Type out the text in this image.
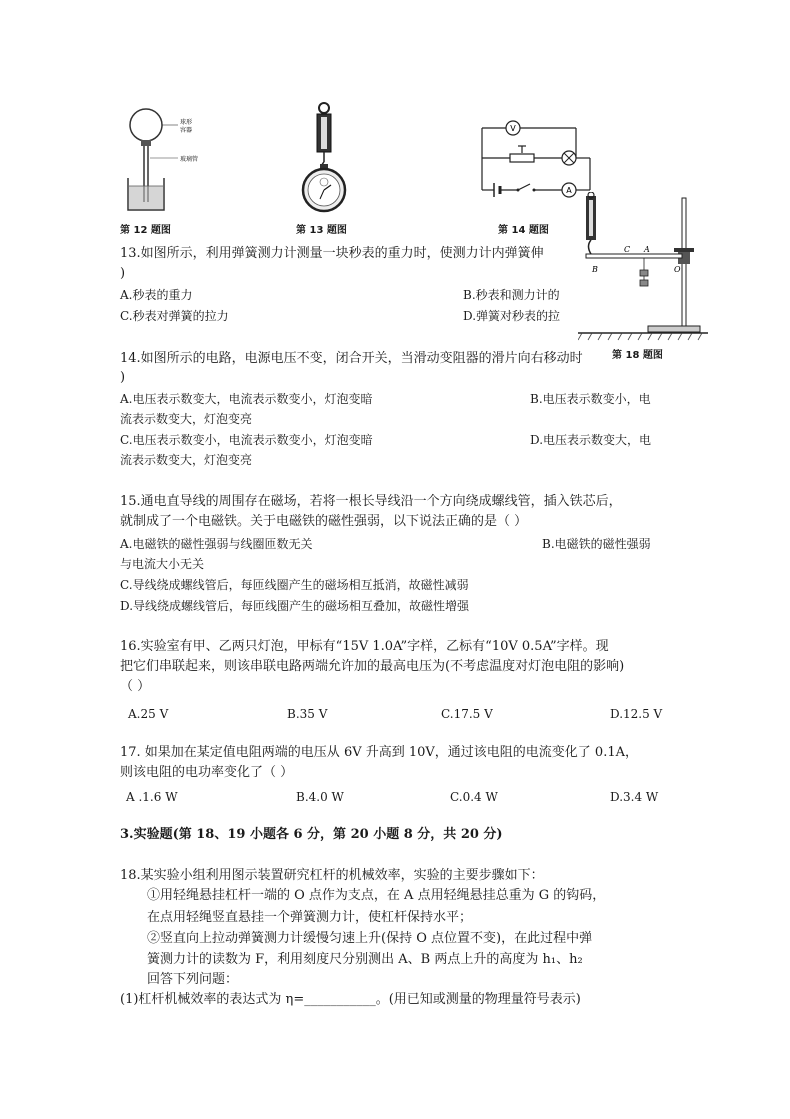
球形
容器
玻璃管
第 12 题图	第 13 题图
V
A
第 14 题图
B
C A
O
第 18 题图
13.如图所示，利用弹簧测力计测量一块秒表的重力时，使测力计内弹簧伸
)
A.秒表的重力	B.秒表和测力计的
C.秒表对弹簧的拉力	D.弹簧对秒表的拉
14.如图所示的电路，电源电压不变，闭合开关，当滑动变阻器的滑片向右移动时
)
A.电压表示数变大，电流表示数变小，灯泡变暗	B.电压表示数变小，电
流表示数变大，灯泡变亮
C.电压表示数变小，电流表示数变小，灯泡变暗	D.电压表示数变大，电
流表示数变大，灯泡变亮
15.通电直导线的周围存在磁场，若将一根长导线沿一个方向绕成螺线管，插入铁芯后，
就制成了一个电磁铁。关于电磁铁的磁性强弱，以下说法正确的是（ ）
A.电磁铁的磁性强弱与线圈匝数无关	B.电磁铁的磁性强弱
与电流大小无关
C.导线绕成螺线管后，每匝线圈产生的磁场相互抵消，故磁性减弱
D.导线绕成螺线管后，每匝线圈产生的磁场相互叠加，故磁性增强
16.实验室有甲、乙两只灯泡，甲标有“15V 1.0A”字样，乙标有“10V 0.5A”字样。现
把它们串联起来，则该串联电路两端允许加的最高电压为(不考虑温度对灯泡电阻的影响)
（ ）
A.25 V	B.35 V	C.17.5 V	D.12.5 V
17. 如果加在某定值电阻两端的电压从 6V 升高到 10V，通过该电阻的电流变化了 0.1A，
则该电阻的电功率变化了（ ）
A .1.6 W	B.4.0 W	C.0.4 W	D.3.4 W
3.实验题(第 18、19 小题各 6 分，第 20 小题 8 分，共 20 分)
18.某实验小组利用图示装置研究杠杆的机械效率，实验的主要步骤如下：
①用轻绳悬挂杠杆一端的 O 点作为支点，在 A 点用轻绳悬挂总重为 G 的钩码，
在点用轻绳竖直悬挂一个弹簧测力计，使杠杆保持水平；
②竖直向上拉动弹簧测力计缓慢匀速上升(保持 O 点位置不变)，在此过程中弹
簧测力计的读数为 F，利用刻度尺分别测出 A、B 两点上升的高度为 h₁、h₂
回答下列问题：
(1)杠杆机械效率的表达式为 η=___________。(用已知或测量的物理量符号表示)
